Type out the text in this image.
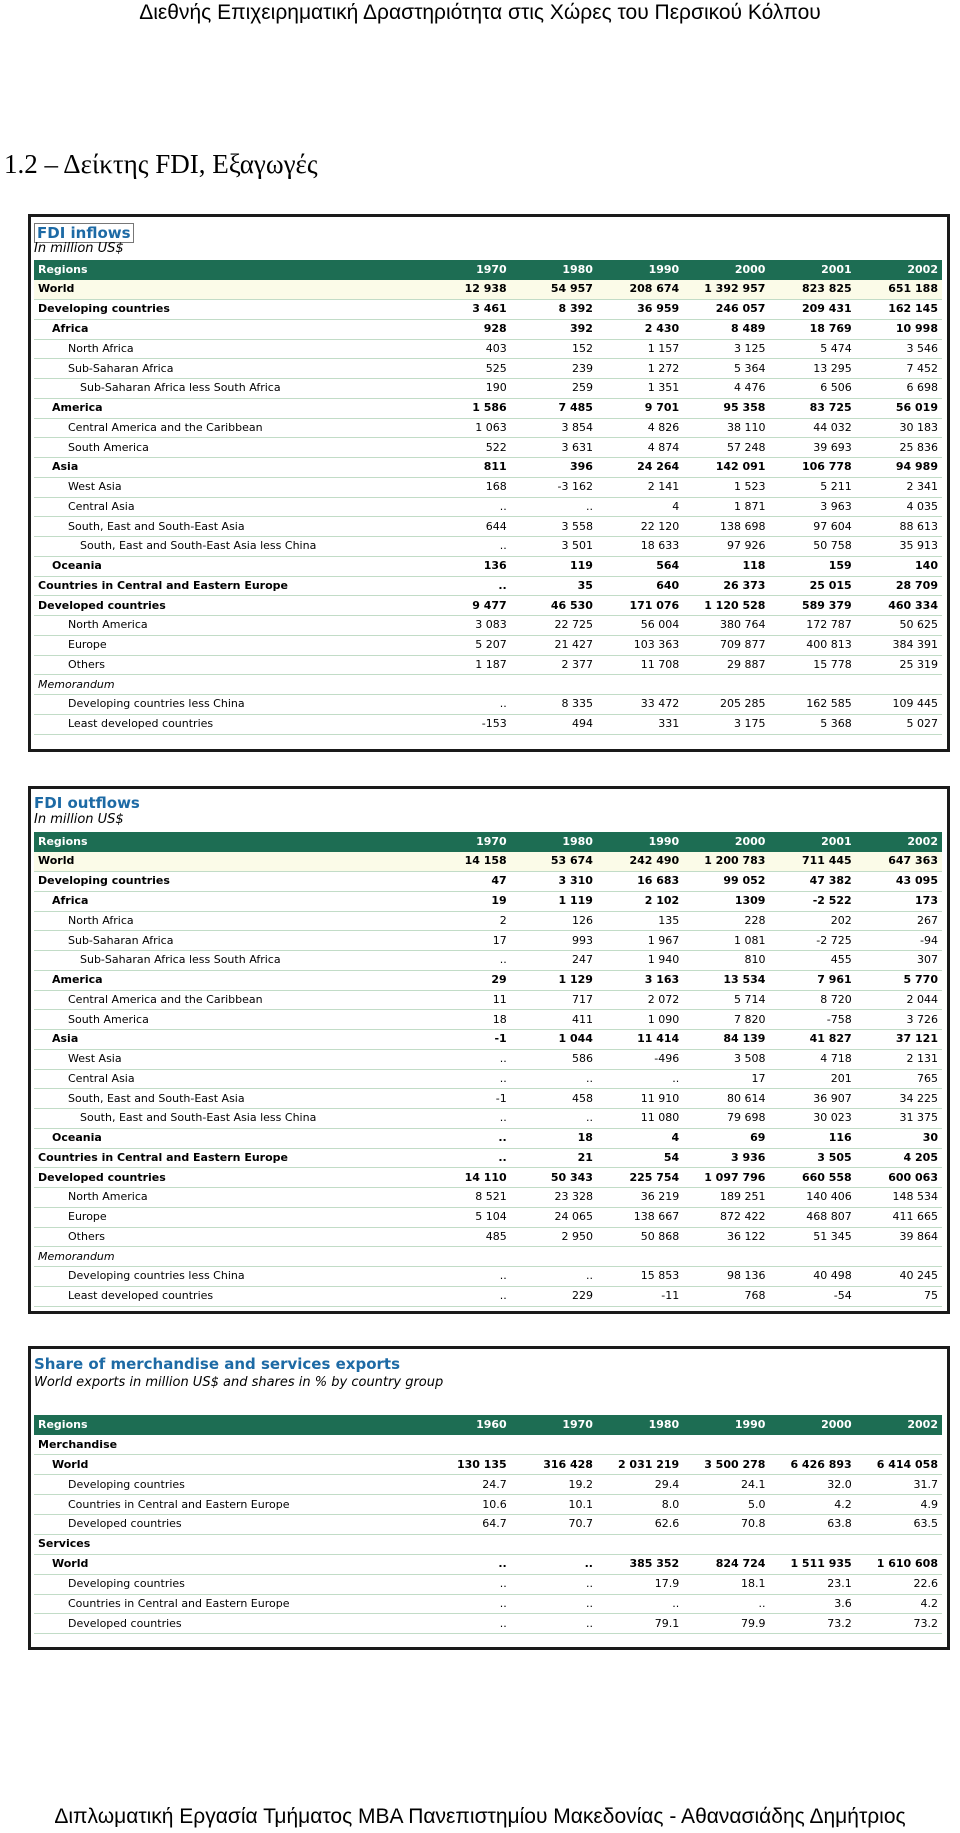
Διεθνής Επιχειρηματική Δραστηριότητα στις Χώρες του Περσικού Κόλπου
1.2 – Δείκτης FDI, Εξαγωγές
FDI inflows
In million US$
Regions	1970	1980	1990	2000	2001	2002
World	12 938	54 957	208 674	1 392 957	823 825	651 188
Developing countries	3 461	8 392	36 959	246 057	209 431	162 145
Africa	928	392	2 430	8 489	18 769	10 998
North Africa	403	152	1 157	3 125	5 474	3 546
Sub-Saharan Africa	525	239	1 272	5 364	13 295	7 452
Sub-Saharan Africa less South Africa	190	259	1 351	4 476	6 506	6 698
America	1 586	7 485	9 701	95 358	83 725	56 019
Central America and the Caribbean	1 063	3 854	4 826	38 110	44 032	30 183
South America	522	3 631	4 874	57 248	39 693	25 836
Asia	811	396	24 264	142 091	106 778	94 989
West Asia	168	-3 162	2 141	1 523	5 211	2 341
Central Asia	..	..	4	1 871	3 963	4 035
South, East and South-East Asia	644	3 558	22 120	138 698	97 604	88 613
South, East and South-East Asia less China	..	3 501	18 633	97 926	50 758	35 913
Oceania	136	119	564	118	159	140
Countries in Central and Eastern Europe	..	35	640	26 373	25 015	28 709
Developed countries	9 477	46 530	171 076	1 120 528	589 379	460 334
North America	3 083	22 725	56 004	380 764	172 787	50 625
Europe	5 207	21 427	103 363	709 877	400 813	384 391
Others	1 187	2 377	11 708	29 887	15 778	25 319
Memorandum						
Developing countries less China	..	8 335	33 472	205 285	162 585	109 445
Least developed countries	-153	494	331	3 175	5 368	5 027
FDI outflows
In million US$
Regions	1970	1980	1990	2000	2001	2002
World	14 158	53 674	242 490	1 200 783	711 445	647 363
Developing countries	47	3 310	16 683	99 052	47 382	43 095
Africa	19	1 119	2 102	1309	-2 522	173
North Africa	2	126	135	228	202	267
Sub-Saharan Africa	17	993	1 967	1 081	-2 725	-94
Sub-Saharan Africa less South Africa	..	247	1 940	810	455	307
America	29	1 129	3 163	13 534	7 961	5 770
Central America and the Caribbean	11	717	2 072	5 714	8 720	2 044
South America	18	411	1 090	7 820	-758	3 726
Asia	-1	1 044	11 414	84 139	41 827	37 121
West Asia	..	586	-496	3 508	4 718	2 131
Central Asia	..	..	..	17	201	765
South, East and South-East Asia	-1	458	11 910	80 614	36 907	34 225
South, East and South-East Asia less China	..	..	11 080	79 698	30 023	31 375
Oceania	..	18	4	69	116	30
Countries in Central and Eastern Europe	..	21	54	3 936	3 505	4 205
Developed countries	14 110	50 343	225 754	1 097 796	660 558	600 063
North America	8 521	23 328	36 219	189 251	140 406	148 534
Europe	5 104	24 065	138 667	872 422	468 807	411 665
Others	485	2 950	50 868	36 122	51 345	39 864
Memorandum						
Developing countries less China	..	..	15 853	98 136	40 498	40 245
Least developed countries	..	229	-11	768	-54	75
Share of merchandise and services exports
World exports in million US$ and shares in % by country group
Regions	1960	1970	1980	1990	2000	2002
Merchandise						
World	130 135	316 428	2 031 219	3 500 278	6 426 893	6 414 058
Developing countries	24.7	19.2	29.4	24.1	32.0	31.7
Countries in Central and Eastern Europe	10.6	10.1	8.0	5.0	4.2	4.9
Developed countries	64.7	70.7	62.6	70.8	63.8	63.5
Services						
World	..	..	385 352	824 724	1 511 935	1 610 608
Developing countries	..	..	17.9	18.1	23.1	22.6
Countries in Central and Eastern Europe	..	..	..	..	3.6	4.2
Developed countries	..	..	79.1	79.9	73.2	73.2
Διπλωματική Εργασία Τμήματος MBA Πανεπιστημίου Μακεδονίας - Αθανασιάδης Δημήτριος
